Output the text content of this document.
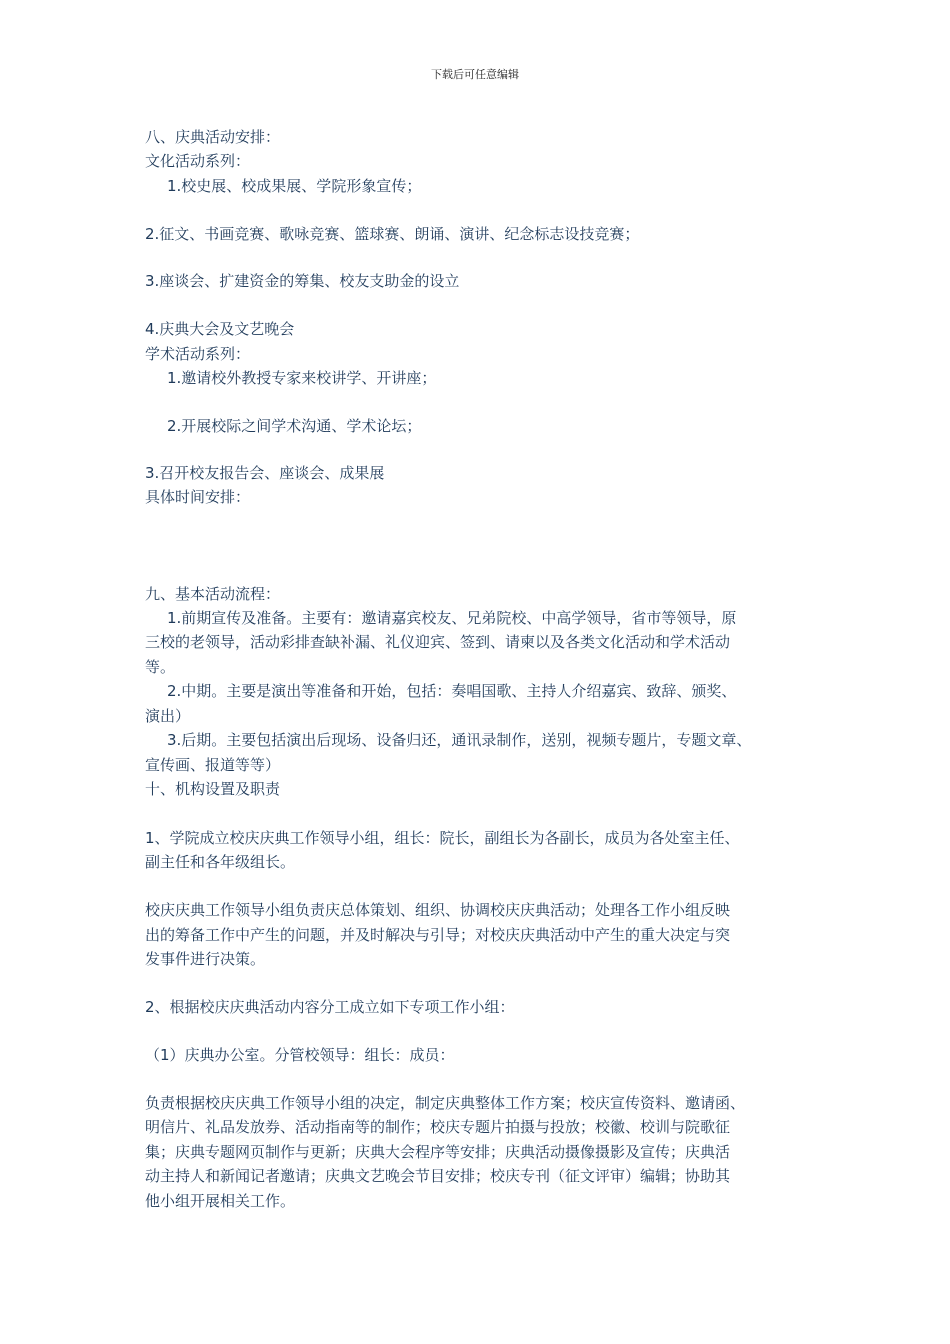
下载后可任意编辑
八、庆典活动安排：
文化活动系列：
1.校史展、校成果展、学院形象宣传；
2.征文、书画竞赛、歌咏竞赛、篮球赛、朗诵、演讲、纪念标志设技竞赛；
3.座谈会、扩建资金的筹集、校友支助金的设立
4.庆典大会及文艺晚会
学术活动系列：
1.邀请校外教授专家来校讲学、开讲座；
2.开展校际之间学术沟通、学术论坛；
3.召开校友报告会、座谈会、成果展
具体时间安排：
九、基本活动流程：
1.前期宣传及准备。主要有：邀请嘉宾校友、兄弟院校、中高学领导，省市等领导，原
三校的老领导，活动彩排查缺补漏、礼仪迎宾、签到、请柬以及各类文化活动和学术活动
等。
2.中期。主要是演出等准备和开始，包括：奏唱国歌、主持人介绍嘉宾、致辞、颁奖、
演出）
3.后期。主要包括演出后现场、设备归还，通讯录制作，送别，视频专题片，专题文章、
宣传画、报道等等）
十、机构设置及职责
1、学院成立校庆庆典工作领导小组，组长：院长，副组长为各副长，成员为各处室主任、
副主任和各年级组长。
校庆庆典工作领导小组负责庆总体策划、组织、协调校庆庆典活动；处理各工作小组反映
出的筹备工作中产生的问题，并及时解决与引导；对校庆庆典活动中产生的重大决定与突
发事件进行决策。
2、根据校庆庆典活动内容分工成立如下专项工作小组：
（1）庆典办公室。分管校领导：组长：成员：
负责根据校庆庆典工作领导小组的决定，制定庆典整体工作方案；校庆宣传资料、邀请函、
明信片、礼品发放券、活动指南等的制作；校庆专题片拍摄与投放；校徽、校训与院歌征
集；庆典专题网页制作与更新；庆典大会程序等安排；庆典活动摄像摄影及宣传；庆典活
动主持人和新闻记者邀请；庆典文艺晚会节目安排；校庆专刊（征文评审）编辑；协助其
他小组开展相关工作。
